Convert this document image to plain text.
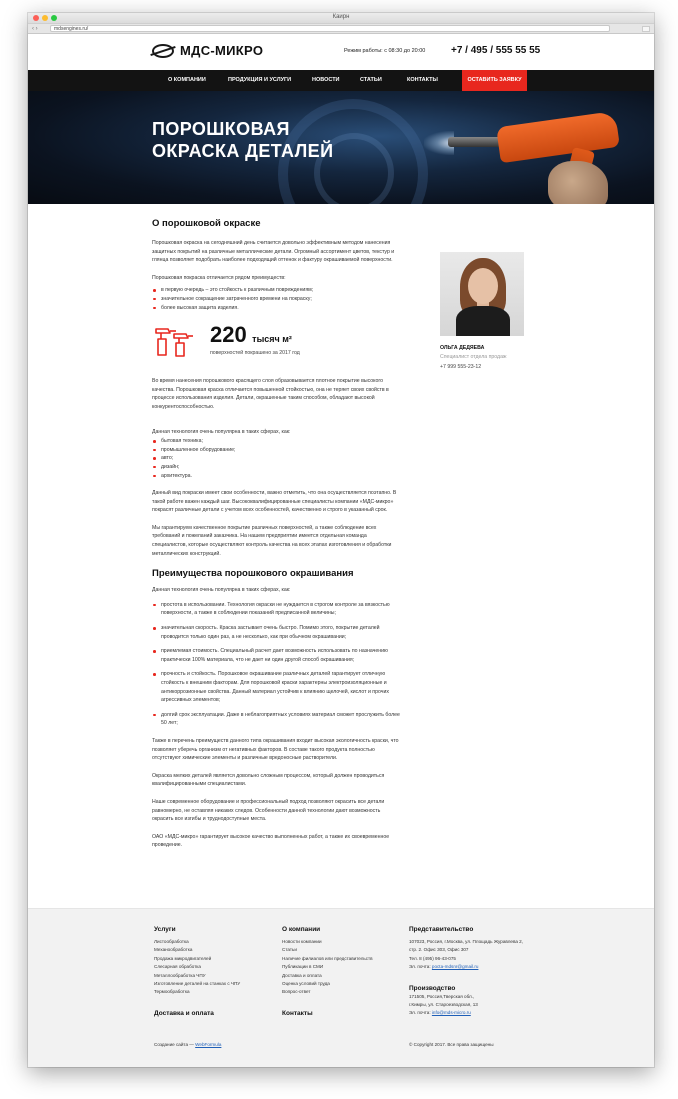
Каирн
‹ ›	mdsengines.ru/
МДС-МИКРО	Режим работы: с 08:30 до 20:00	+7 / 495 / 555 55 55
О КОМПАНИИ	ПРОДУКЦИЯ И УСЛУГИ	НОВОСТИ	СТАТЬИ	КОНТАКТЫ	ОСТАВИТЬ ЗАЯВКУ
ПОРОШКОВАЯ
ОКРАСКА ДЕТАЛЕЙ
О порошковой окраске
Порошковая окраска на сегодняшний день считается довольно эффективным методом нанесения защитных покрытий на различные металлические детали. Огромный ассортимент цветов, текстур и глянца позволяет подобрать наиболее подходящий оттенок и фактуру окрашиваемой поверхности.
Порошковая покраска отличается рядом преимуществ:
в первую очередь – это стойкость к различным повреждениям;
значительное сокращение затраченного времени на покраску;
более высокая защита изделия.
220 тысяч м²
поверхностей покрашено за 2017 год
Во время нанесения порошкового красящего слоя образовывается плотное покрытие высокого качества. Порошковая краска отличается повышенной стойкостью, она не теряет своих свойств в процессе использования изделия. Детали, окрашенные таким способом, обладают высокой конкурентоспособностью.
Данная технология очень популярна в таких сферах, как:
бытовая техника;
промышленное оборудование;
авто;
дизайн;
архитектура.
Данный вид покраски имеет свои особенности, важно отметить, что она осуществляется поэтапно. В такой работе важен каждый шаг. Высококвалифицированные специалисты компании «МДС-микро» покрасят различные детали с учетом всех особенностей, качественно и строго в указанный срок.
Мы гарантируем качественное покрытие различных поверхностей, а также соблюдение всех требований и пожеланий заказчика. На нашем предприятии имеется отдельная команда специалистов, которые осуществляют контроль качества на всех этапах изготовления и обработки металлических конструкций.
Преимущества порошкового окрашивания
Данная технология очень популярна в таких сферах, как:
простота в использовании. Технология окраски не нуждается в строгом контроле за вязкостью поверхности, а также в соблюдении показаний предписанной величины;
значительная скорость. Краска застывает очень быстро. Помимо этого, покрытие деталей проводится только один раз, а не несколько, как при обычном окрашивании;
приемлемая стоимость. Специальный расчет дает возможность использовать по назначению практически 100% материала, что не дает ни один другой способ окрашивания;
прочность и стойкость. Порошковое окрашивание различных деталей гарантирует отличную стойкость к внешним факторам. Для порошковой краски характерны электроизоляционные и антикоррозионные свойства. Данный материал устойчив к влиянию щелочей, кислот и прочих агрессивных элементов;
долгий срок эксплуатации. Даже в неблагоприятных условиях материал сможет прослужить более 50 лет;
Также в перечень преимуществ данного типа окрашивания входит высокая экологичность краски, что позволяет уберечь организм от негативных факторов. В составе такого продукта полностью отсутствуют химические элементы и различные вредоносные растворители.
Окраска мелких деталей является довольно сложным процессом, который должен проводиться квалифицированными специалистами.
Наше современное оборудование и профессиональный подход позволяют окрасить все детали равномерно, не оставляя никаких следов. Особенности данной технологии дают возможность окрасить все изгибы и труднодоступные места.
ОАО «МДС-микро» гарантирует высокое качество выполненных работ, а также их своевременное проведение.
ОЛЬГА ДЕДЯЕВА
Специалист отдела продаж
+7 999 555-23-12
Услуги
Листообработка
Механообработка
Продажа микродвигателей
Слесарная обработка
Металлообработка ЧПУ
Изготовление деталей на станках с ЧПУ
Термообработка
Доставка и оплата
О компании
Новости компании
Статьи
Наличие филиалов или представительств
Публикации в СМИ
Доставка и оплата
Оценка условий труда
Вопрос-ответ
Контакты
Представительство
107023, Россия, г.Москва, ул. Площадь Журавлева 2,
стр. 2. Офис 303, Офис 307
Тел. 8 (495) 96-43-075
Эл. почта: pocta-mdsnr@gmail.ru
Производство
171505, Россия,Тверская обл.,
г.Кимры, ул. Староезводская, 13
Эл. почта: info@mds-micro.ru
Создание сайта — WebFormula	© Copyright 2017. Все права защищены
